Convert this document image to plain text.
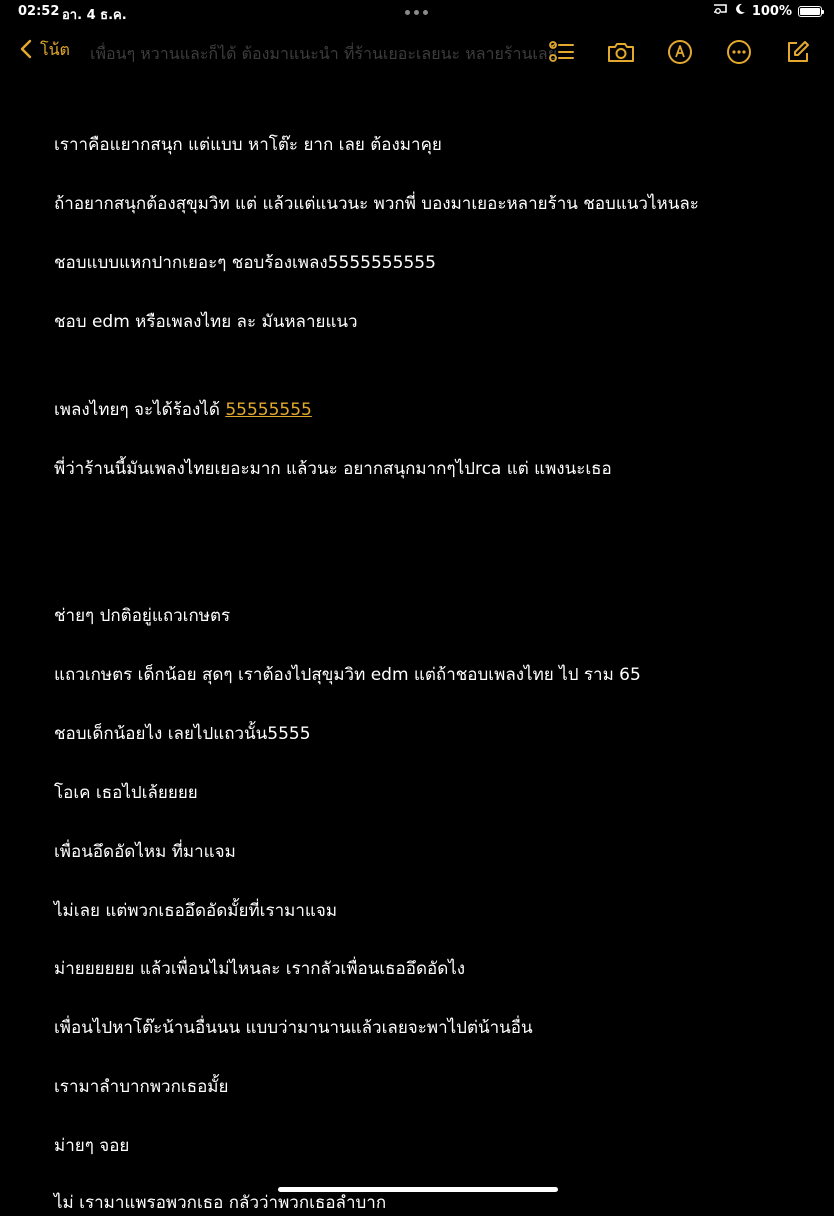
02:52 อา. 4 ธ.ค.	100%
เพื่อนๆ หวานและก็ได้ ต้องมาแนะนำ ที่ร้านเยอะเลยนะ หลายร้านเลย
โน้ต
เราาคือแยากสนุก แต่แบบ หาโต๊ะ ยาก เลย ต้องมาคุย
ถ้าอยากสนุกต้องสุขุมวิท แต่ แล้วแต่แนวนะ พวกพี่ บองมาเยอะหลายร้าน ชอบแนวไหนละ
ชอบแบบแหกปากเยอะๆ ชอบร้องเพลง5555555555
ชอบ edm หรือเพลงไทย ละ มันหลายแนว
เพลงไทยๆ จะได้ร้องได้ 55555555
พี่ว่าร้านนี้มันเพลงไทยเยอะมาก แล้วนะ อยากสนุกมากๆไปrca แต่ แพงนะเธอ
ช่ายๆ ปกติอยู่แถวเกษตร
แถวเกษตร เด็กน้อย สุดๆ เราต้องไปสุขุมวิท edm แต่ถ้าชอบเพลงไทย ไป ราม 65
ชอบเด็กน้อยไง เลยไปแถวนั้น5555
โอเค เธอไปเล้ยยยย
เพื่อนอึดอัดไหม ที่มาแจม
ไม่เลย แต่พวกเธออึดอัดมั้ยที่เรามาแจม
ม่ายยยยยย แล้วเพื่อนไม่ไหนละ เรากลัวเพื่อนเธออึดอัดไง
เพื่อนไปหาโต๊ะน้านอื่นนน แบบว่ามานานแล้วเลยจะพาไปต่น้านอื่น
เรามาลำบากพวกเธอมั้ย
ม่ายๆ จอย
ไม่ เรามาแพรอพวกเธอ กลัวว่าพวกเธอลำบาก
